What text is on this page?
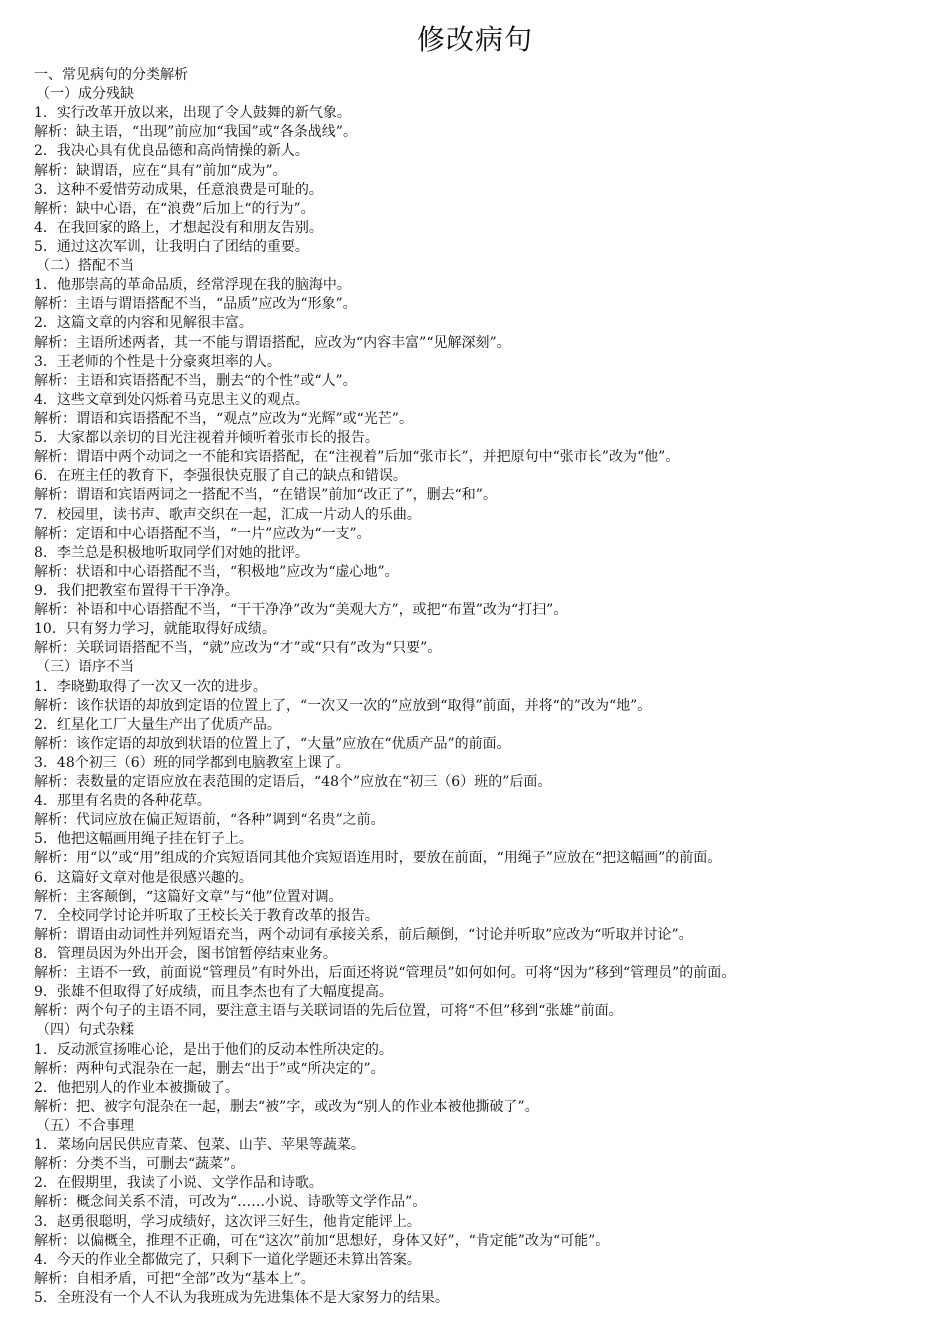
修改病句
一、常见病句的分类解析
（一）成分残缺
1．实行改革开放以来，出现了令人鼓舞的新气象。
解析：缺主语，“出现”前应加“我国”或“各条战线”。
2．我决心具有优良品德和高尚情操的新人。
解析：缺谓语，应在“具有”前加“成为”。
3．这种不爱惜劳动成果，任意浪费是可耻的。
解析：缺中心语，在“浪费”后加上“的行为”。
4．在我回家的路上，才想起没有和朋友告别。
5．通过这次军训，让我明白了团结的重要。
（二）搭配不当
1．他那崇高的革命品质，经常浮现在我的脑海中。
解析：主语与谓语搭配不当，“品质”应改为“形象”。
2．这篇文章的内容和见解很丰富。
解析：主语所述两者，其一不能与谓语搭配，应改为“内容丰富”“见解深刻”。
3．王老师的个性是十分豪爽坦率的人。
解析：主语和宾语搭配不当，删去“的个性”或“人”。
4．这些文章到处闪烁着马克思主义的观点。
解析：谓语和宾语搭配不当，“观点”应改为“光辉”或“光芒”。
5．大家都以亲切的目光注视着并倾听着张市长的报告。
解析：谓语中两个动词之一不能和宾语搭配，在“注视着”后加“张市长”，并把原句中“张市长”改为“他”。
6．在班主任的教育下，李强很快克服了自己的缺点和错误。
解析：谓语和宾语两词之一搭配不当，“在错误”前加“改正了”，删去“和”。
7．校园里，读书声、歌声交织在一起，汇成一片动人的乐曲。
解析：定语和中心语搭配不当，“一片”应改为“一支”。
8．李兰总是积极地听取同学们对她的批评。
解析：状语和中心语搭配不当，“积极地”应改为“虚心地”。
9．我们把教室布置得干干净净。
解析：补语和中心语搭配不当，“干干净净”改为“美观大方”，或把“布置”改为“打扫”。
10．只有努力学习，就能取得好成绩。
解析：关联词语搭配不当，“就”应改为“才”或“只有”改为“只要”。
（三）语序不当
1．李晓勤取得了一次又一次的进步。
解析：该作状语的却放到定语的位置上了，“一次又一次的”应放到“取得”前面，并将“的”改为“地”。
2．红星化工厂大量生产出了优质产品。
解析：该作定语的却放到状语的位置上了，“大量”应放在“优质产品”的前面。
3．48个初三（6）班的同学都到电脑教室上课了。
解析：表数量的定语应放在表范围的定语后，“48个”应放在“初三（6）班的”后面。
4．那里有名贵的各种花草。
解析：代词应放在偏正短语前，“各种”调到“名贵”之前。
5．他把这幅画用绳子挂在钉子上。
解析：用“以”或“用”组成的介宾短语同其他介宾短语连用时，要放在前面，“用绳子”应放在“把这幅画”的前面。
6．这篇好文章对他是很感兴趣的。
解析：主客颠倒，“这篇好文章”与“他”位置对调。
7．全校同学讨论并听取了王校长关于教育改革的报告。
解析：谓语由动词性并列短语充当，两个动词有承接关系，前后颠倒，“讨论并听取”应改为“听取并讨论”。
8．管理员因为外出开会，图书馆暂停结束业务。
解析：主语不一致，前面说“管理员”有时外出，后面还将说“管理员”如何如何。可将“因为”移到“管理员”的前面。
9．张雄不但取得了好成绩，而且李杰也有了大幅度提高。
解析：两个句子的主语不同，要注意主语与关联词语的先后位置，可将“不但”移到“张雄”前面。
（四）句式杂糅
1．反动派宣扬唯心论，是出于他们的反动本性所决定的。
解析：两种句式混杂在一起，删去“出于”或“所决定的”。
2．他把别人的作业本被撕破了。
解析：把、被字句混杂在一起，删去“被”字，或改为“别人的作业本被他撕破了”。
（五）不合事理
1．菜场向居民供应青菜、包菜、山芋、苹果等蔬菜。
解析：分类不当，可删去“蔬菜”。
2．在假期里，我读了小说、文学作品和诗歌。
解析：概念间关系不清，可改为“……小说、诗歌等文学作品”。
3．赵勇很聪明，学习成绩好，这次评三好生，他肯定能评上。
解析：以偏概全，推理不正确，可在“这次”前加“思想好，身体又好”，“肯定能”改为“可能”。
4．今天的作业全都做完了，只剩下一道化学题还未算出答案。
解析：自相矛盾，可把“全部”改为“基本上”。
5．全班没有一个人不认为我班成为先进集体不是大家努力的结果。
